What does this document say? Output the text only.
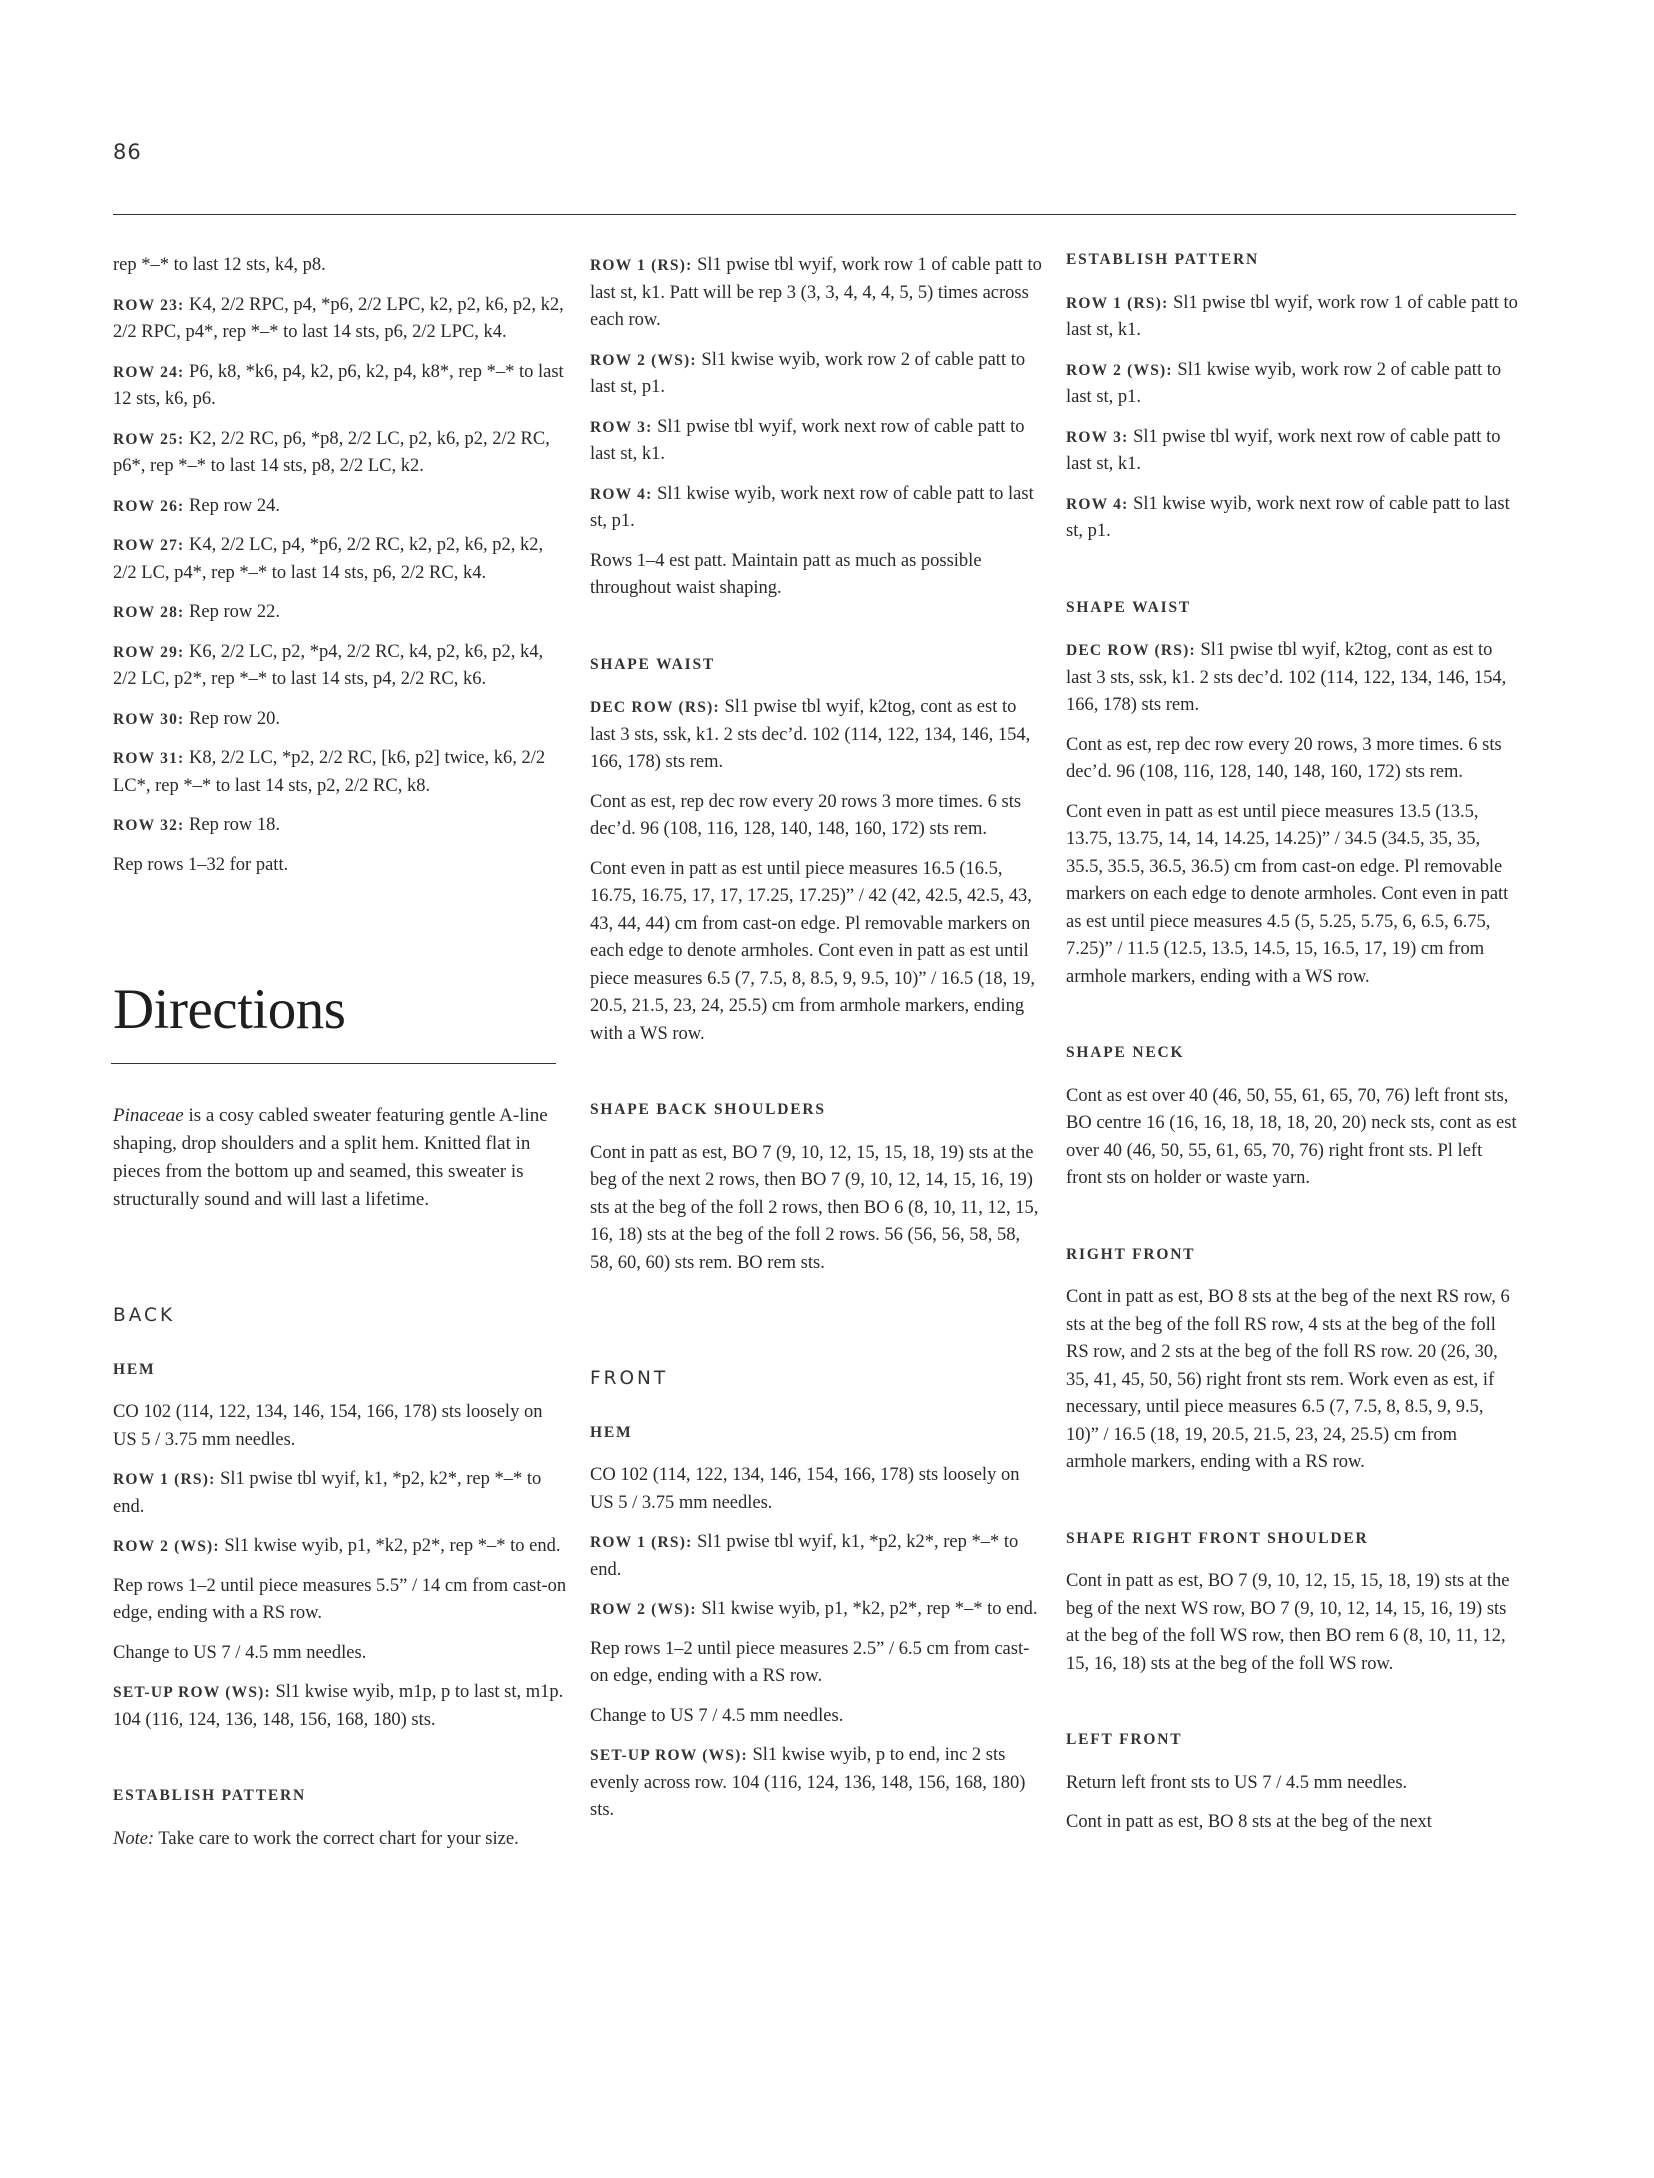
86

rep *–* to last 12 sts, k4, p8.

ROW 23: K4, 2/2 RPC, p4, *p6, 2/2 LPC, k2, p2, k6, p2, k2, 2/2 RPC, p4*, rep *–* to last 14 sts, p6, 2/2 LPC, k4.

ROW 24: P6, k8, *k6, p4, k2, p6, k2, p4, k8*, rep *–* to last 12 sts, k6, p6.

ROW 25: K2, 2/2 RC, p6, *p8, 2/2 LC, p2, k6, p2, 2/2 RC, p6*, rep *–* to last 14 sts, p8, 2/2 LC, k2.

ROW 26: Rep row 24.

ROW 27: K4, 2/2 LC, p4, *p6, 2/2 RC, k2, p2, k6, p2, k2, 2/2 LC, p4*, rep *–* to last 14 sts, p6, 2/2 RC, k4.

ROW 28: Rep row 22.

ROW 29: K6, 2/2 LC, p2, *p4, 2/2 RC, k4, p2, k6, p2, k4, 2/2 LC, p2*, rep *–* to last 14 sts, p4, 2/2 RC, k6.

ROW 30: Rep row 20.

ROW 31: K8, 2/2 LC, *p2, 2/2 RC, [k6, p2] twice, k6, 2/2 LC*, rep *–* to last 14 sts, p2, 2/2 RC, k8.

ROW 32: Rep row 18.

Rep rows 1–32 for patt.

Directions

Pinaceae is a cosy cabled sweater featuring gentle A-line shaping, drop shoulders and a split hem. Knitted flat in pieces from the bottom up and seamed, this sweater is structurally sound and will last a lifetime.

BACK
HEM

CO 102 (114, 122, 134, 146, 154, 166, 178) sts loosely on US 5 / 3.75 mm needles.

ROW 1 (RS): Sl1 pwise tbl wyif, k1, *p2, k2*, rep *–* to end.

ROW 2 (WS): Sl1 kwise wyib, p1, *k2, p2*, rep *–* to end.

Rep rows 1–2 until piece measures 5.5” / 14 cm from cast-on edge, ending with a RS row.

Change to US 7 / 4.5 mm needles.

SET-UP ROW (WS): Sl1 kwise wyib, m1p, p to last st, m1p. 104 (116, 124, 136, 148, 156, 168, 180) sts.

ESTABLISH PATTERN

Note: Take care to work the correct chart for your size.

ROW 1 (RS): Sl1 pwise tbl wyif, work row 1 of cable patt to last st, k1. Patt will be rep 3 (3, 3, 4, 4, 4, 5, 5) times across each row.

ROW 2 (WS): Sl1 kwise wyib, work row 2 of cable patt to last st, p1.

ROW 3: Sl1 pwise tbl wyif, work next row of cable patt to last st, k1.

ROW 4: Sl1 kwise wyib, work next row of cable patt to last st, p1.

Rows 1–4 est patt. Maintain patt as much as possible throughout waist shaping.

SHAPE WAIST

DEC ROW (RS): Sl1 pwise tbl wyif, k2tog, cont as est to last 3 sts, ssk, k1. 2 sts dec’d. 102 (114, 122, 134, 146, 154, 166, 178) sts rem.

Cont as est, rep dec row every 20 rows 3 more times. 6 sts dec’d. 96 (108, 116, 128, 140, 148, 160, 172) sts rem.

Cont even in patt as est until piece measures 16.5 (16.5, 16.75, 16.75, 17, 17, 17.25, 17.25)” / 42 (42, 42.5, 42.5, 43, 43, 44, 44) cm from cast-on edge. Pl removable markers on each edge to denote armholes. Cont even in patt as est until piece measures 6.5 (7, 7.5, 8, 8.5, 9, 9.5, 10)” / 16.5 (18, 19, 20.5, 21.5, 23, 24, 25.5) cm from armhole markers, ending with a WS row.

SHAPE BACK SHOULDERS

Cont in patt as est, BO 7 (9, 10, 12, 15, 15, 18, 19) sts at the beg of the next 2 rows, then BO 7 (9, 10, 12, 14, 15, 16, 19) sts at the beg of the foll 2 rows, then BO 6 (8, 10, 11, 12, 15, 16, 18) sts at the beg of the foll 2 rows. 56 (56, 56, 58, 58, 58, 60, 60) sts rem. BO rem sts.

FRONT
HEM

CO 102 (114, 122, 134, 146, 154, 166, 178) sts loosely on US 5 / 3.75 mm needles.

ROW 1 (RS): Sl1 pwise tbl wyif, k1, *p2, k2*, rep *–* to end.

ROW 2 (WS): Sl1 kwise wyib, p1, *k2, p2*, rep *–* to end.

Rep rows 1–2 until piece measures 2.5” / 6.5 cm from cast-on edge, ending with a RS row.

Change to US 7 / 4.5 mm needles.

SET-UP ROW (WS): Sl1 kwise wyib, p to end, inc 2 sts evenly across row. 104 (116, 124, 136, 148, 156, 168, 180) sts.

ESTABLISH PATTERN

ROW 1 (RS): Sl1 pwise tbl wyif, work row 1 of cable patt to last st, k1.

ROW 2 (WS): Sl1 kwise wyib, work row 2 of cable patt to last st, p1.

ROW 3: Sl1 pwise tbl wyif, work next row of cable patt to last st, k1.

ROW 4: Sl1 kwise wyib, work next row of cable patt to last st, p1.

SHAPE WAIST

DEC ROW (RS): Sl1 pwise tbl wyif, k2tog, cont as est to last 3 sts, ssk, k1. 2 sts dec’d. 102 (114, 122, 134, 146, 154, 166, 178) sts rem.

Cont as est, rep dec row every 20 rows, 3 more times. 6 sts dec’d. 96 (108, 116, 128, 140, 148, 160, 172) sts rem.

Cont even in patt as est until piece measures 13.5 (13.5, 13.75, 13.75, 14, 14, 14.25, 14.25)” / 34.5 (34.5, 35, 35, 35.5, 35.5, 36.5, 36.5) cm from cast-on edge. Pl removable markers on each edge to denote armholes. Cont even in patt as est until piece measures 4.5 (5, 5.25, 5.75, 6, 6.5, 6.75, 7.25)” / 11.5 (12.5, 13.5, 14.5, 15, 16.5, 17, 19) cm from armhole markers, ending with a WS row.

SHAPE NECK

Cont as est over 40 (46, 50, 55, 61, 65, 70, 76) left front sts, BO centre 16 (16, 16, 18, 18, 18, 20, 20) neck sts, cont as est over 40 (46, 50, 55, 61, 65, 70, 76) right front sts. Pl left front sts on holder or waste yarn.

RIGHT FRONT

Cont in patt as est, BO 8 sts at the beg of the next RS row, 6 sts at the beg of the foll RS row, 4 sts at the beg of the foll RS row, and 2 sts at the beg of the foll RS row. 20 (26, 30, 35, 41, 45, 50, 56) right front sts rem. Work even as est, if necessary, until piece measures 6.5 (7, 7.5, 8, 8.5, 9, 9.5, 10)” / 16.5 (18, 19, 20.5, 21.5, 23, 24, 25.5) cm from armhole markers, ending with a RS row.

SHAPE RIGHT FRONT SHOULDER

Cont in patt as est, BO 7 (9, 10, 12, 15, 15, 18, 19) sts at the beg of the next WS row, BO 7 (9, 10, 12, 14, 15, 16, 19) sts at the beg of the foll WS row, then BO rem 6 (8, 10, 11, 12, 15, 16, 18) sts at the beg of the foll WS row.

LEFT FRONT

Return left front sts to US 7 / 4.5 mm needles.

Cont in patt as est, BO 8 sts at the beg of the next
